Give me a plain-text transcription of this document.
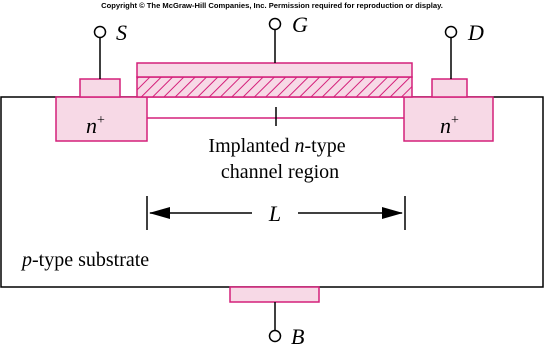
Copyright © The McGraw-Hill Companies, Inc. Permission required for reproduction or display.
S	G	D
B
n+	n+
Implanted n-type
channel region
L
p-type substrate
